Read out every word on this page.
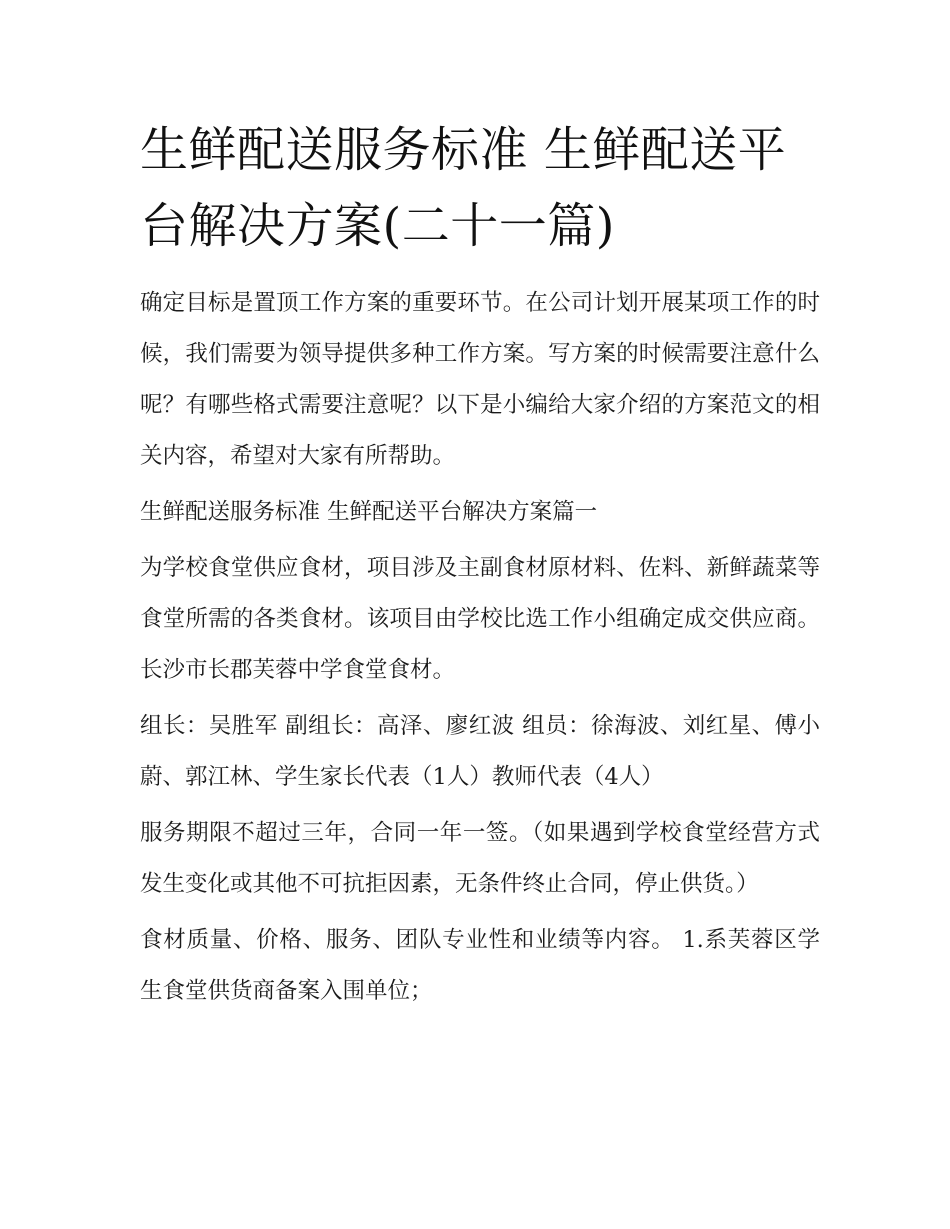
生鲜配送服务标准 生鲜配送平台解决方案(二十一篇)

确定目标是置顶工作方案的重要环节。在公司计划开展某项工作的时候，我们需要为领导提供多种工作方案。写方案的时候需要注意什么呢？有哪些格式需要注意呢？以下是小编给大家介绍的方案范文的相关内容，希望对大家有所帮助。

生鲜配送服务标准 生鲜配送平台解决方案篇一

为学校食堂供应食材，项目涉及主副食材原材料、佐料、新鲜蔬菜等食堂所需的各类食材。该项目由学校比选工作小组确定成交供应商。 长沙市长郡芙蓉中学食堂食材。

组长：吴胜军 副组长：高泽、廖红波 组员：徐海波、刘红星、傅小蔚、郭江林、学生家长代表（1人）教师代表（4人）

服务期限不超过三年，合同一年一签。（如果遇到学校食堂经营方式发生变化或其他不可抗拒因素，无条件终止合同，停止供货。）

食材质量、价格、服务、团队专业性和业绩等内容。 1.系芙蓉区学生食堂供货商备案入围单位；
